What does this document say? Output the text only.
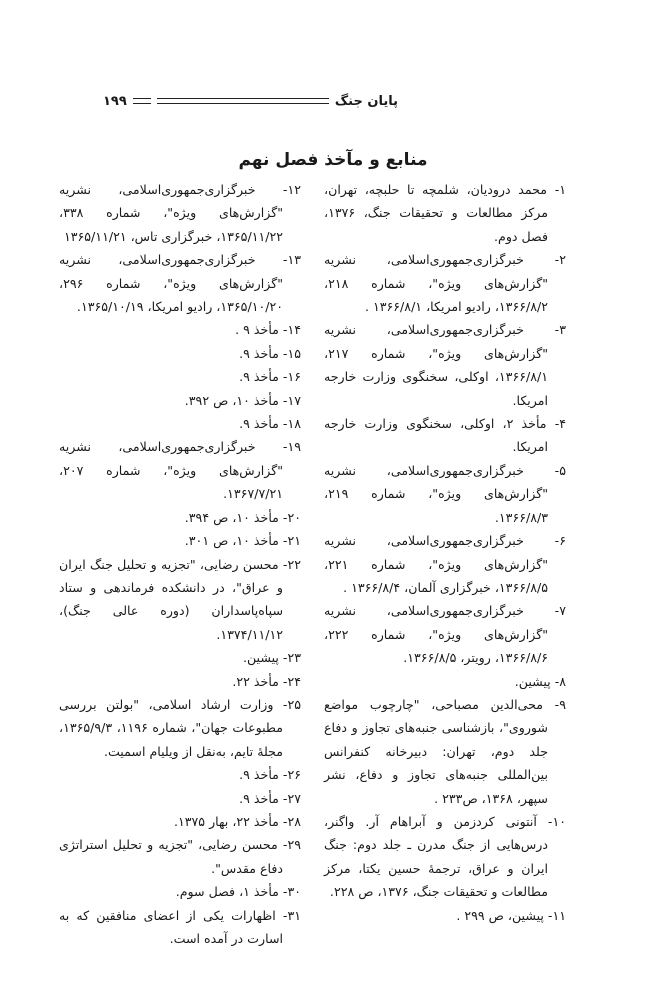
پایان جنگ
۱۹۹
منابع و مآخذ فصل نهم

۱-محمد درودیان، شلمچه تا حلبچه، تهران، مرکز مطالعات و تحقیقات جنگ، ۱۳۷۶، فصل دوم.

۲-خبرگزاری‌جمهوری‌اسلامی، نشریه "گزارش‌های ویژه"، شماره‌ ۲۱۸، ۱۳۶۶/۸/۲، رادیو امریکا، ۱۳۶۶/۸/۱ .

۳-خبرگزاری‌جمهوری‌اسلامی، نشریه "گزارش‌های ویژه"، شماره‌ ۲۱۷، ۱۳۶۶/۸/۱، اوکلی، سخنگوی وزارت خارجه امریکا.

۴-مأخذ ۲، اوکلی، سخنگوی وزارت خارجه امریکا.

۵-خبرگزاری‌جمهوری‌اسلامی، نشریه "گزارش‌های ویژه"، شماره‌ ۲۱۹، ۱۳۶۶/۸/۳.

۶-خبرگزاری‌جمهوری‌اسلامی، نشریه "گزارش‌های ویژه"، شماره‌ ۲۲۱، ۱۳۶۶/۸/۵، خبرگزاری آلمان، ۱۳۶۶/۸/۴ .

۷-خبرگزاری‌جمهوری‌اسلامی، نشریه "گزارش‌های ویژه"، شماره‌ ۲۲۲، ۱۳۶۶/۸/۶، رویتر، ۱۳۶۶/۸/۵.

۸-پیشین.

۹-محی‌الدین مصباحی، "چارچوب مواضع شوروی"، بازشناسی جنبه‌های تجاوز و دفاع جلد دوم، تهران: دبیرخانه کنفرانس بین‌المللی جنبه‌های تجاوز و دفاع، نشر سپهر، ۱۳۶۸، ص۲۳۳ .

۱۰-آنتونی کردزمن و آبراهام آر. واگنر، درس‌هایی از جنگ مدرن ـ جلد دوم: جنگ ایران و عراق، ترجمهٔ حسین یکتا، مرکز مطالعات و تحقیقات جنگ، ۱۳۷۶، ص ۲۲۸.

۱۱-پیشین، ص ۲۹۹ .

۱۲-خبرگزاری‌جمهوری‌اسلامی، نشریه "گزارش‌های ویژه"، شماره‌ ۳۳۸، ۱۳۶۵/۱۱/۲۲، خبرگزاری تاس، ۱۳۶۵/۱۱/۲۱

۱۳-خبرگزاری‌جمهوری‌اسلامی، نشریه "گزارش‌های ویژه"، شماره‌ ۲۹۶، ۱۳۶۵/۱۰/۲۰، رادیو امریکا، ۱۳۶۵/۱۰/۱۹.

۱۴-مأخذ ۹ .

۱۵-مأخذ ۹.

۱۶-مأخذ ۹.

۱۷-مأخذ ۱۰، ص ۳۹۲.

۱۸-مأخذ ۹.

۱۹-خبرگزاری‌جمهوری‌اسلامی، نشریه "گزارش‌های ویژه"، شماره‌ ۲۰۷، ۱۳۶۷/۷/۲۱.

۲۰-مأخذ ۱۰، ص ۳۹۴.

۲۱-مأخذ ۱۰، ص ۳۰۱.

۲۲-محسن رضایی، "تجزیه و تحلیل جنگ ایران و عراق"، در دانشکده فرماندهی و ستاد سپاه‌پاسداران (دوره عالی جنگ)، ۱۳۷۴/۱۱/۱۲.

۲۳-پیشین.

۲۴-مأخذ ۲۲.

۲۵-وزارت ارشاد اسلامی، "بولتن بررسی مطبوعات جهان"، شماره ۱۱۹۶، ۱۳۶۵/۹/۳، مجلهٔ تایم، به‌نقل از ویلیام اسمیت.

۲۶-مأخذ ۹.

۲۷-مأخذ ۹.

۲۸-مأخذ ۲۲، بهار ۱۳۷۵.

۲۹-محسن رضایی، "تجزیه و تحلیل استراتژی دفاع مقدس".

۳۰-مأخذ ۱، فصل سوم.

۳۱-اظهارات یکی از اعضای منافقین که به اسارت در آمده است.
